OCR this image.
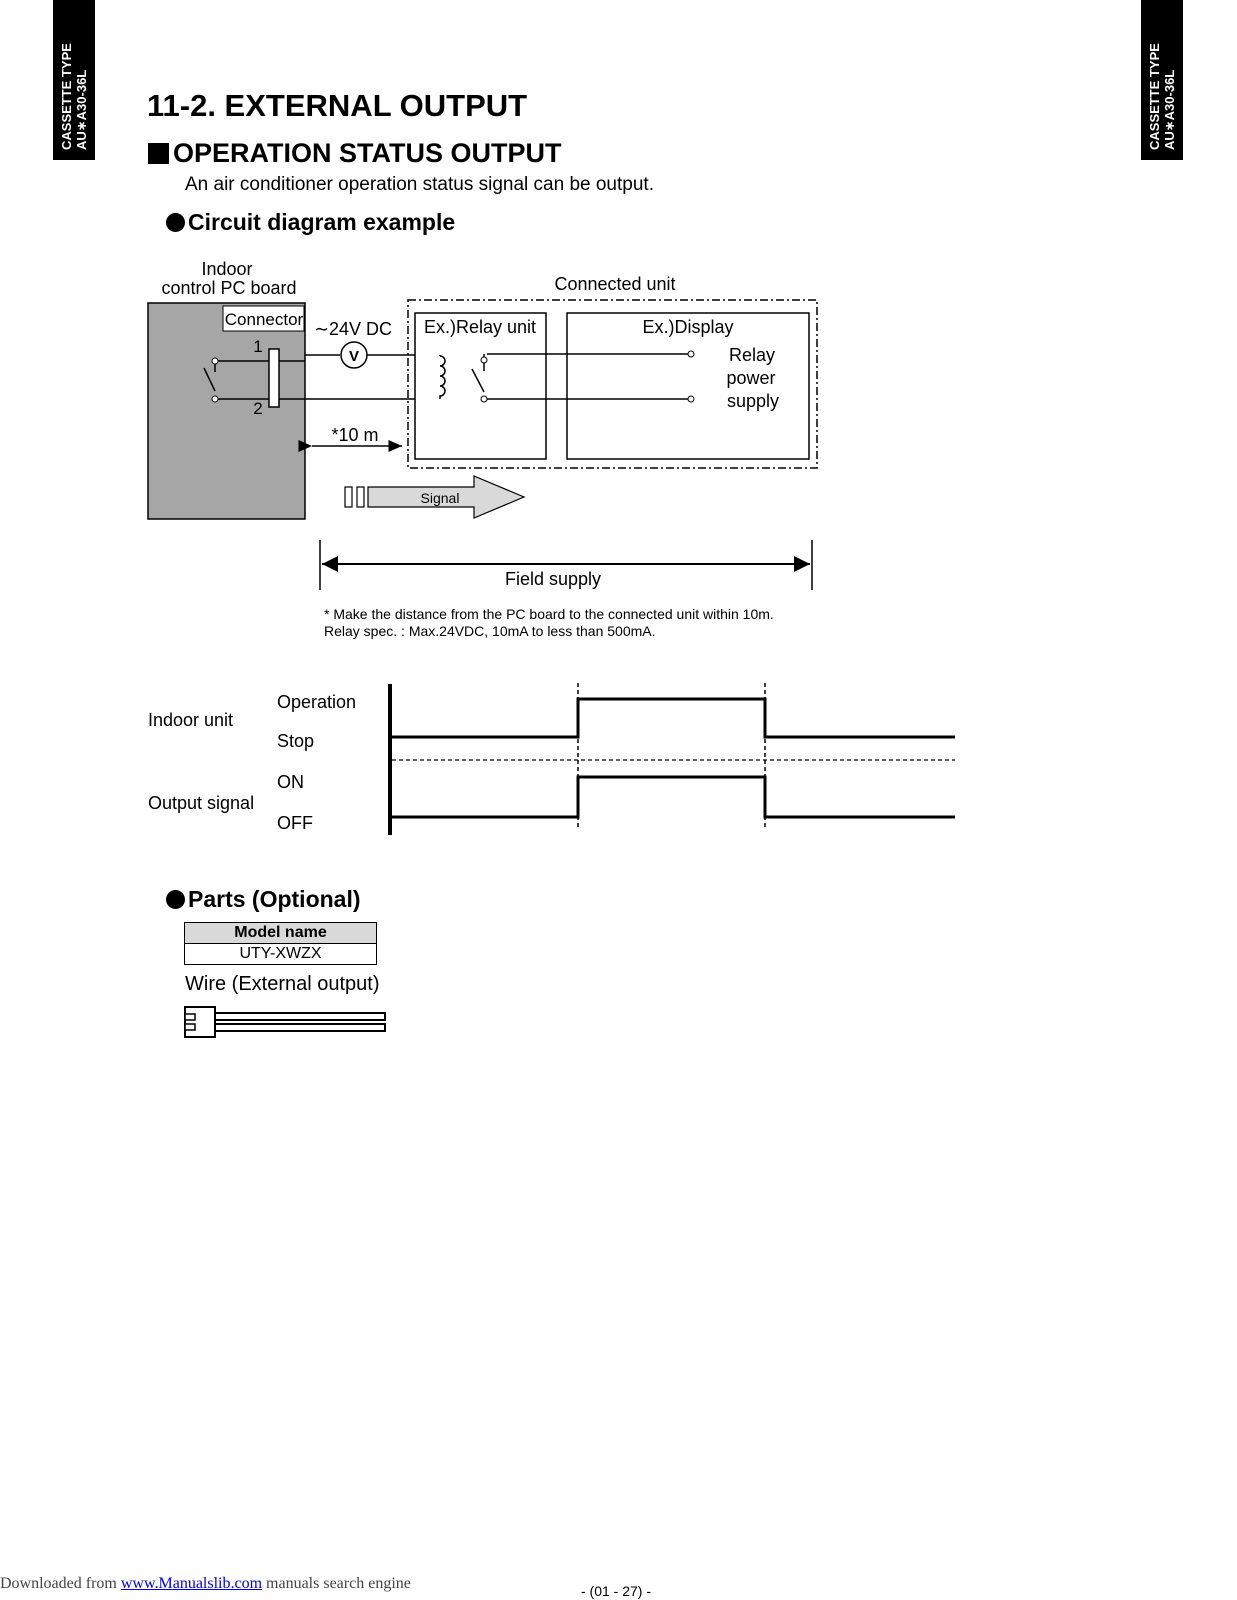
CASSETTE TYPE AU∗A30-36L	CASSETTE TYPE AU∗A30-36L
11-2. EXTERNAL OUTPUT
OPERATION STATUS OUTPUT
An air conditioner operation status signal can be output.
Circuit diagram example
Indoor
control PC board
Connector
1
2
V
∼24V DC
Connected unit
Ex.)Relay unit	Ex.)Display
Relay
power
supply
*10 m
Signal
Field supply
* Make the distance from the PC board to the connected unit within 10m.
Relay spec. : Max.24VDC, 10mA to less than 500mA.
Indoor unit
Operation
Stop
Output signal
ON
OFF
Parts (Optional)
Model name
UTY-XWZX
Wire (External output)
Downloaded from www.Manualslib.com manuals search engine	- (01 - 27) -
